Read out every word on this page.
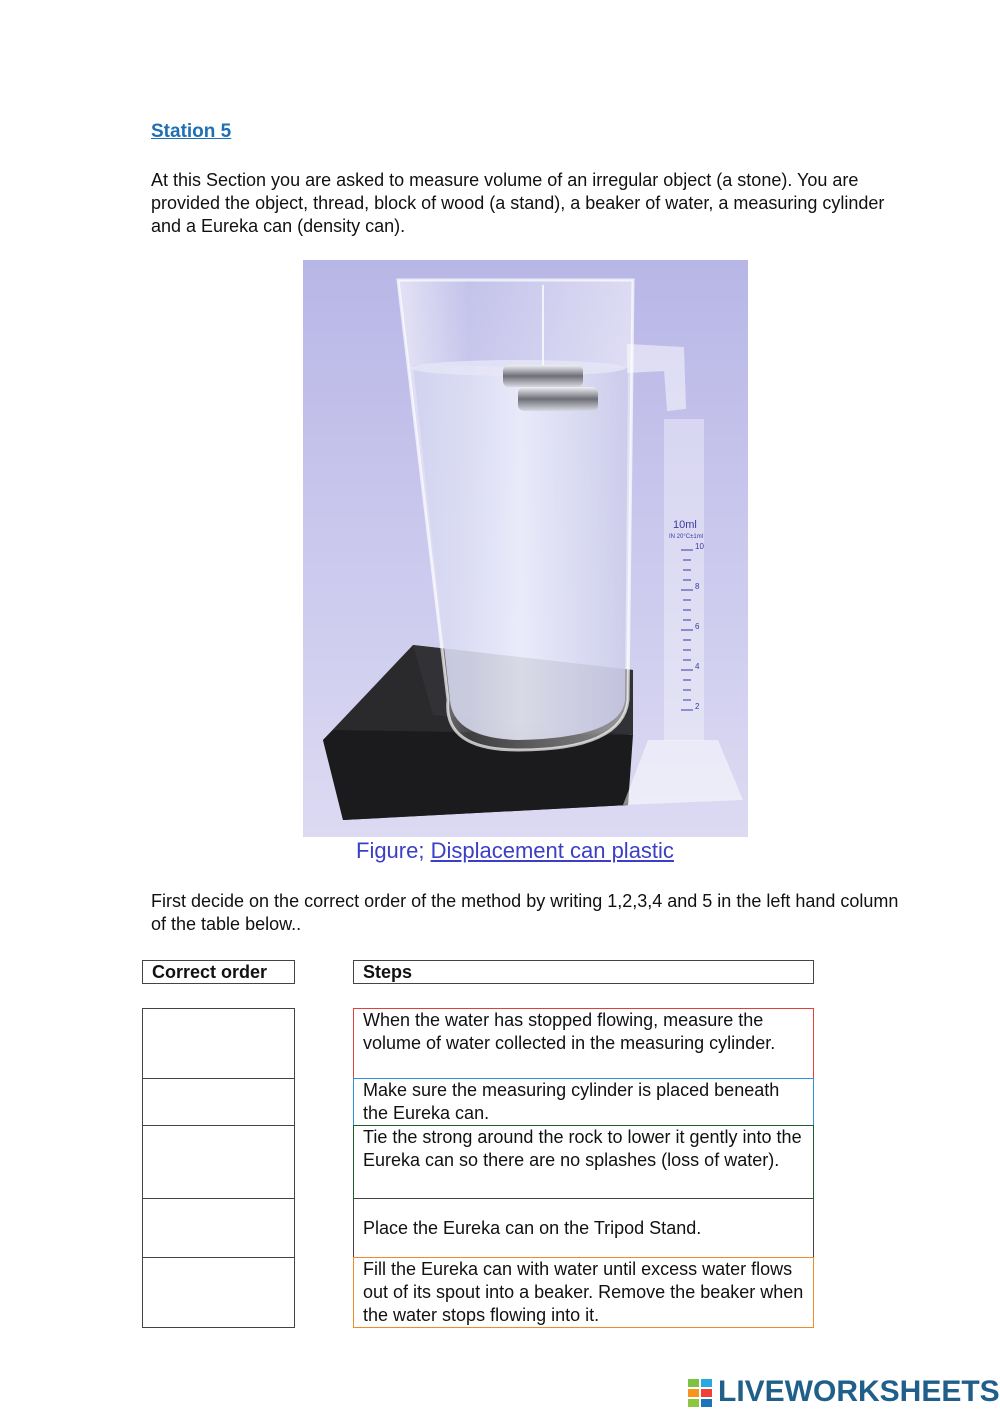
Station 5
At this Section you are asked to measure volume of an irregular object (a stone). You are provided the object, thread, block of wood (a stand), a beaker of water, a measuring cylinder and a Eureka can (density can).
10ml
IN 20°C±1ml
10
8
6
4
2
Figure; Displacement can plastic
First decide on the correct order of the method by writing 1,2,3,4 and 5 in the left hand column of the table below..
Correct order	Steps
When the water has stopped flowing, measure the volume of water collected in the measuring cylinder.
Make sure the measuring cylinder is placed beneath the Eureka can.
Tie the strong around the rock to lower it gently into the Eureka can so there are no splashes (loss of water).
Place the Eureka can on the Tripod Stand.
Fill the Eureka can with water until excess water flows out of its spout into a beaker. Remove the beaker when the water stops flowing into it.
LIVEWORKSHEETS
